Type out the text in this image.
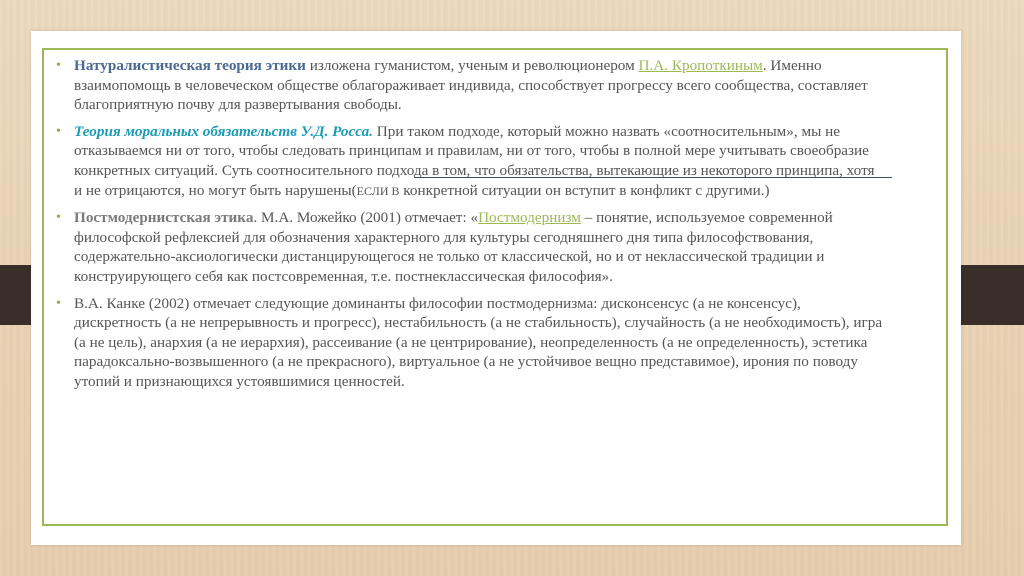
• Натуралистическая теория этики изложена гуманистом, ученым и революционером П.А. Кропоткиным. Именно взаимопомощь в человеческом обществе облагораживает индивида, способствует прогрессу всего сообщества, составляет благоприятную почву для развертывания свободы.
• Теория моральных обязательств У.Д. Росса. При таком подходе, который можно назвать «соотносительным», мы не отказываемся ни от того, чтобы следовать принципам и правилам, ни от того, чтобы в полной мере учитывать своеобразие конкретных ситуаций. Суть соотносительного подхода в том, что обязательства, вытекающие из некоторого принципа, хотя и не отрицаются, но могут быть нарушены(ЕСЛИ В конкретной ситуации он вступит в конфликт с другими.)
• Постмодернистская этика. М.А. Можейко (2001) отмечает: «Постмодернизм – понятие, используемое современной философской рефлексией для обозначения характерного для культуры сегодняшнего дня типа философствования, содержательно-аксиологически дистанцирующегося не только от классической, но и от неклассической традиции и конструирующего себя как постсовременная, т.е. постнеклассическая философия».
• В.А. Канке (2002) отмечает следующие доминанты философии постмодернизма: дисконсенсус (а не консенсус), дискретность (а не непрерывность и прогресс), нестабильность (а не стабильность), случайность (а не необходимость), игра (а не цель), анархия (а не иерархия), рассеивание (а не центрирование), неопределенность (а не определенность), эстетика парадоксально-возвышенного (а не прекрасного), виртуальное (а не устойчивое вещно представимое), ирония по поводу утопий и признающихся устоявшимися ценностей.
